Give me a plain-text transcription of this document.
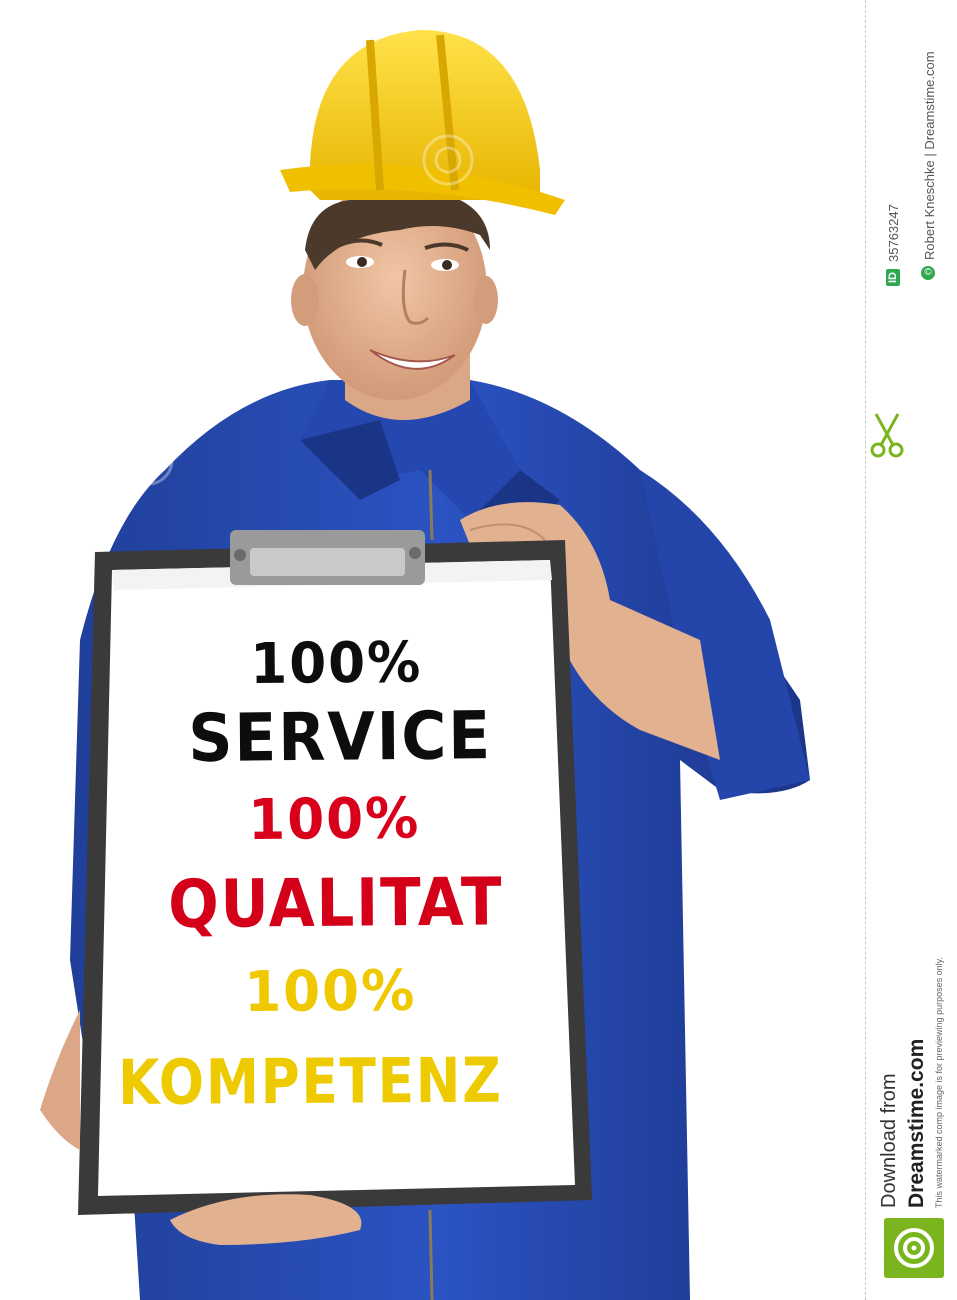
100%
SERVICE
100%
QUALITAT
100%
KOMPETENZ
ID
35763247
©
Robert Kneschke | Dreamstime.com
Download from Dreamstime.com This watermarked comp image is for previewing purposes only.
